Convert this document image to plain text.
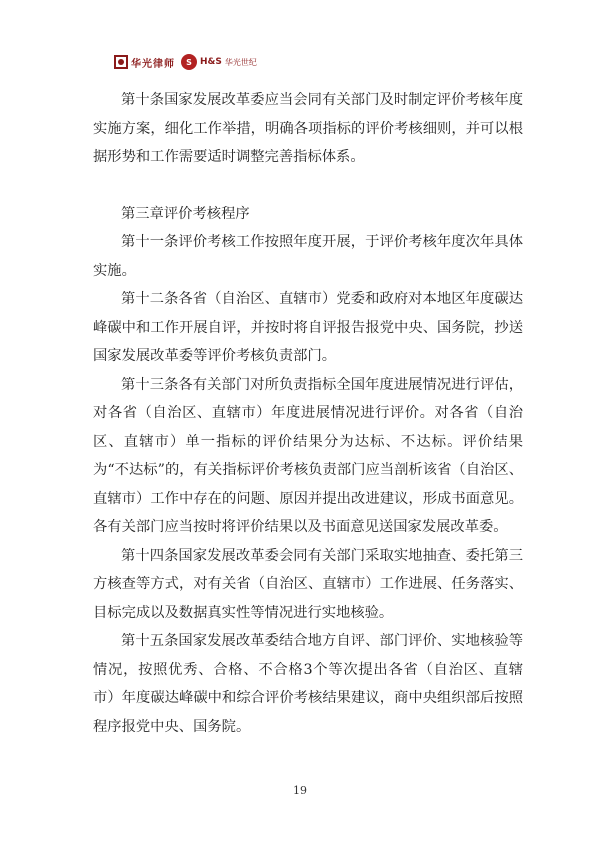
华光律师	S H&S 华光世纪

第十条国家发展改革委应当会同有关部门及时制定评价考核年度实施方案，细化工作举措，明确各项指标的评价考核细则，并可以根据形势和工作需要适时调整完善指标体系。

第三章评价考核程序

第十一条评价考核工作按照年度开展，于评价考核年度次年具体实施。

第十二条各省（自治区、直辖市）党委和政府对本地区年度碳达峰碳中和工作开展自评，并按时将自评报告报党中央、国务院，抄送国家发展改革委等评价考核负责部门。

第十三条各有关部门对所负责指标全国年度进展情况进行评估，对各省（自治区、直辖市）年度进展情况进行评价。对各省（自治区、直辖市）单一指标的评价结果分为达标、不达标。评价结果为“不达标”的，有关指标评价考核负责部门应当剖析该省（自治区、直辖市）工作中存在的问题、原因并提出改进建议，形成书面意见。各有关部门应当按时将评价结果以及书面意见送国家发展改革委。

第十四条国家发展改革委会同有关部门采取实地抽查、委托第三方核查等方式，对有关省（自治区、直辖市）工作进展、任务落实、目标完成以及数据真实性等情况进行实地核验。

第十五条国家发展改革委结合地方自评、部门评价、实地核验等情况，按照优秀、合格、不合格3个等次提出各省（自治区、直辖市）年度碳达峰碳中和综合评价考核结果建议，商中央组织部后按照程序报党中央、国务院。

19
